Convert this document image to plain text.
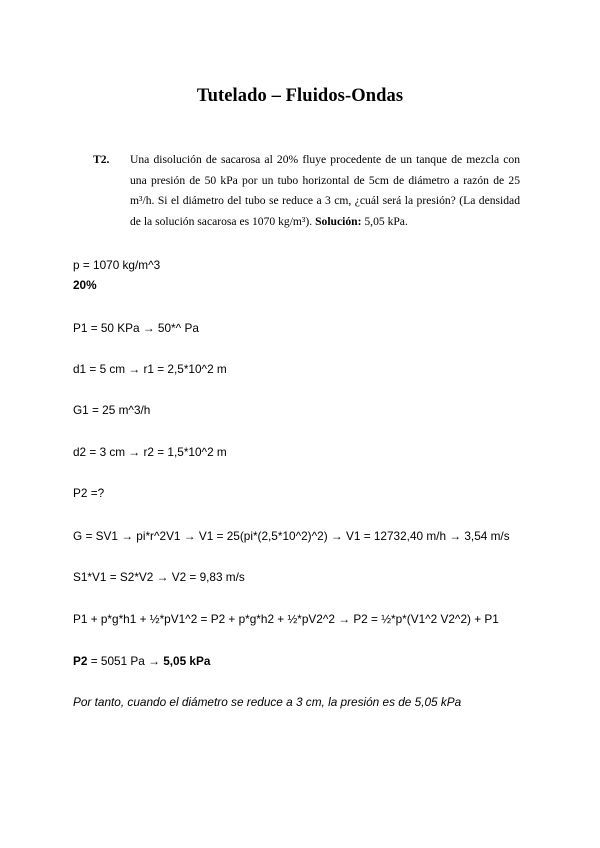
Tutelado – Fluidos-Ondas
T2. Una disolución de sacarosa al 20% fluye procedente de un tanque de mezcla con una presión de 50 kPa por un tubo horizontal de 5cm de diámetro a razón de 25 m³/h. Si el diámetro del tubo se reduce a 3 cm, ¿cuál será la presión? (La densidad de la solución sacarosa es 1070 kg/m³). Solución: 5,05 kPa.
p = 1070 kg/m^3
20%
P1 = 50 KPa → 50*^ Pa
d1 = 5 cm → r1 = 2,5*10^2 m
G1 = 25 m^3/h
d2 = 3 cm → r2 = 1,5*10^2 m
P2 =?
G = SV1 → pi*r^2V1 → V1 = 25(pi*(2,5*10^2)^2) → V1 = 12732,40 m/h → 3,54 m/s
S1*V1 = S2*V2 → V2 = 9,83 m/s
P1 + p*g*h1 + ½*pV1^2 = P2 + p*g*h2 + ½*pV2^2 → P2 = ½*p*(V1^2 V2^2) + P1
P2 = 5051 Pa → 5,05 kPa
Por tanto, cuando el diámetro se reduce a 3 cm, la presión es de 5,05 kPa
